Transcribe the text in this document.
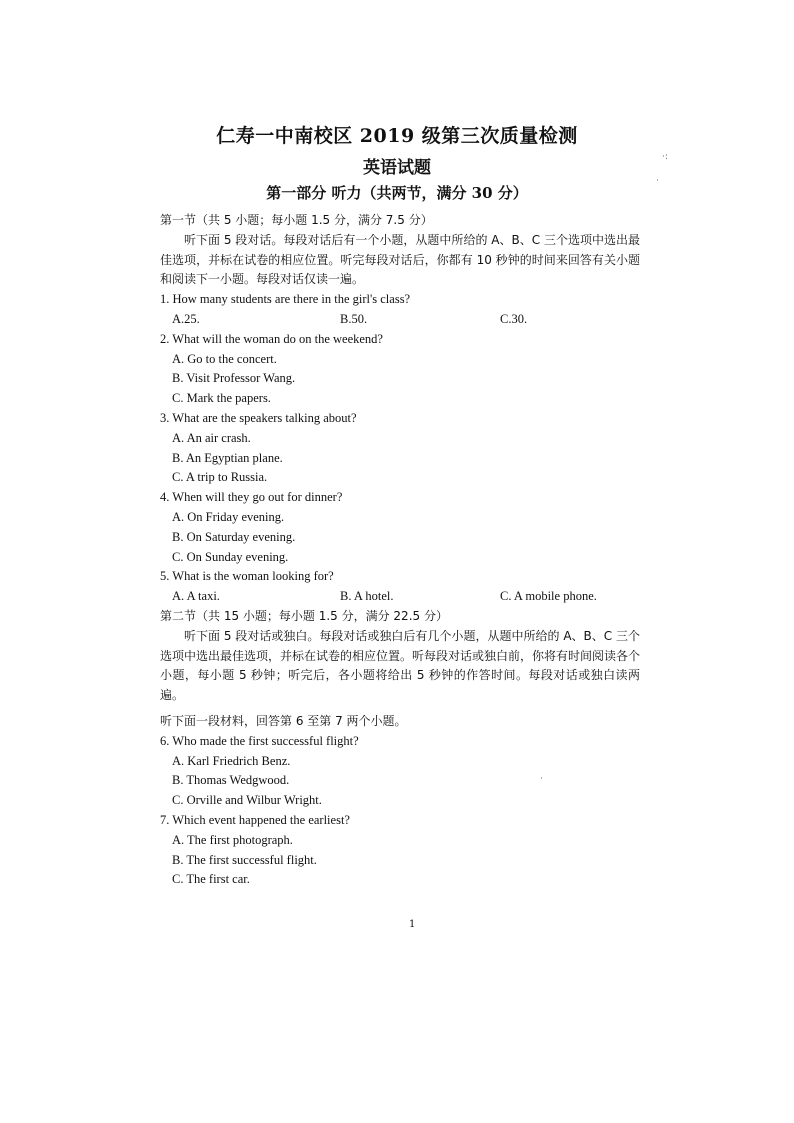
仁寿一中南校区 2019 级第三次质量检测
英语试题
第一部分 听力（共两节，满分 30 分）
第一节（共 5 小题；每小题 1.5 分，满分 7.5 分）
听下面 5 段对话。每段对话后有一个小题，从题中所给的 A、B、C 三个选项中选出最佳选项，并标在试卷的相应位置。听完每段对话后，你都有 10 秒钟的时间来回答有关小题和阅读下一小题。每段对话仅读一遍。
1. How many students are there in the girl's class?
A.25.	B.50.	C.30.
2. What will the woman do on the weekend?
A. Go to the concert.
B. Visit Professor Wang.
C. Mark the papers.
3. What are the speakers talking about?
A. An air crash.
B. An Egyptian plane.
C. A trip to Russia.
4. When will they go out for dinner?
A. On Friday evening.
B. On Saturday evening.
C. On Sunday evening.
5. What is the woman looking for?
A. A taxi.	B. A hotel.	C. A mobile phone.
第二节（共 15 小题；每小题 1.5 分，满分 22.5 分）
听下面 5 段对话或独白。每段对话或独白后有几个小题，从题中所给的 A、B、C 三个选项中选出最佳选项，并标在试卷的相应位置。听每段对话或独白前，你将有时间阅读各个小题，每小题 5 秒钟；听完后，各小题将给出 5 秒钟的作答时间。每段对话或独白读两遍。
听下面一段材料，回答第 6 至第 7 两个小题。
6. Who made the first successful flight?
A. Karl Friedrich Benz.
B. Thomas Wedgwood.
C. Orville and Wilbur Wright.
7. Which event happened the earliest?
A. The first photograph.
B. The first successful flight.
C. The first car.
1
·:
·
·
